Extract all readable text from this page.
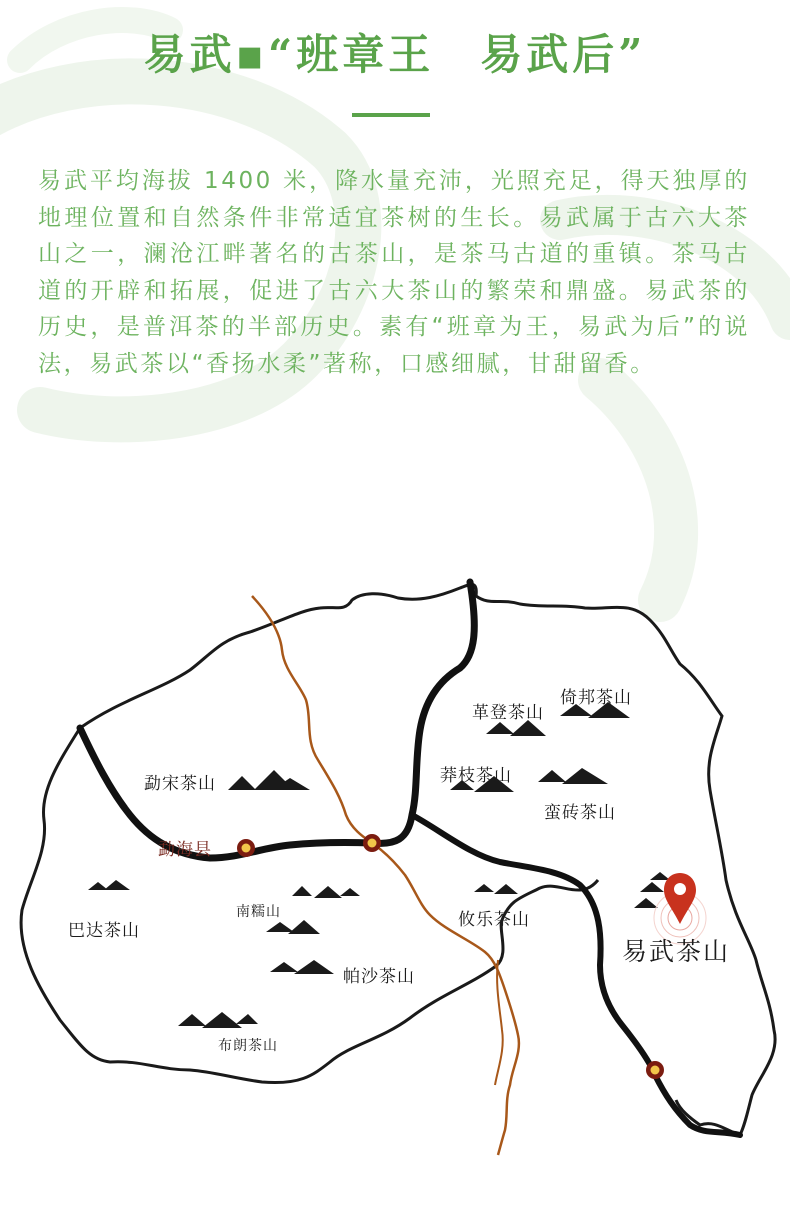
易武▪“班章王　易武后”

易武平均海拔 1400 米，降水量充沛，光照充足，得天独厚的地理位置和自然条件非常适宜茶树的生长。易武属于古六大茶山之一，澜沧江畔著名的古茶山，是茶马古道的重镇。茶马古道的开辟和拓展，促进了古六大茶山的繁荣和鼎盛。易武茶的历史，是普洱茶的半部历史。素有“班章为王，易武为后”的说法，易武茶以“香扬水柔”著称，口感细腻，甘甜留香。

勐宋茶山
勐海县
巴达茶山
南糯山
帕沙茶山
布朗茶山
攸乐茶山
革登茶山
倚邦茶山
莽枝茶山
蛮砖茶山
易武茶山
